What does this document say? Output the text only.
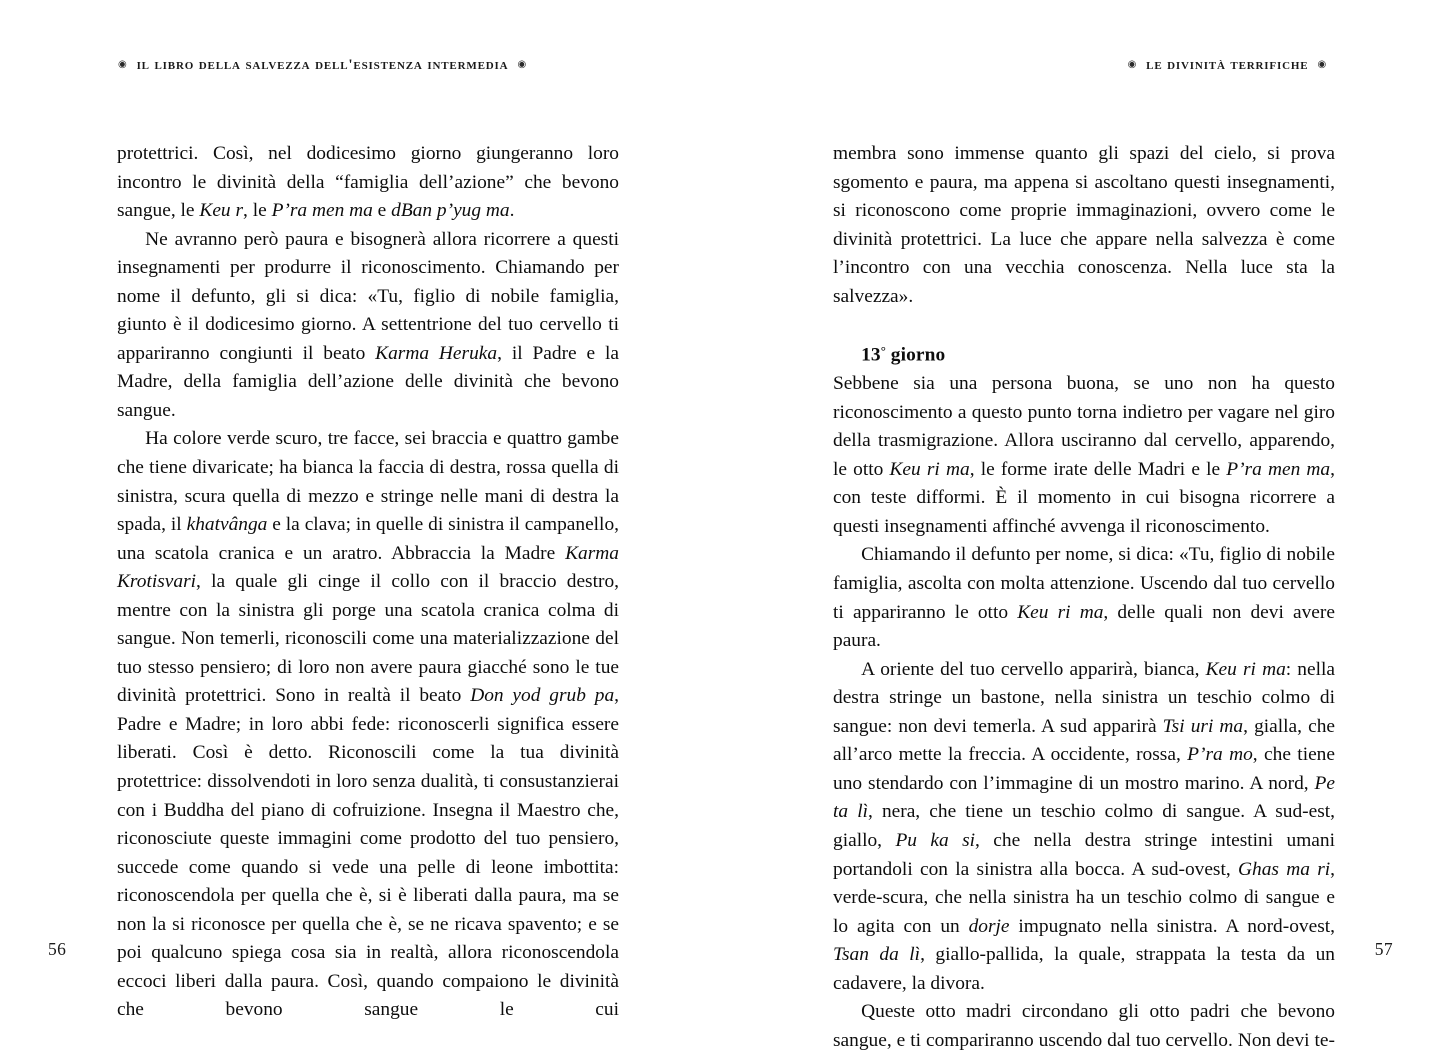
◉ il libro della salvezza dell'esistenza intermedia ◉	◉ le divinità terrifiche ◉

protettrici. Così, nel dodicesimo giorno giungeranno loro incontro le divinità della “famiglia dell’azione” che bevono sangue, le Keu r, le P’ra men ma e dBan p’yug ma.

Ne avranno però paura e bisognerà allora ricorrere a questi insegnamenti per produrre il riconoscimento. Chiamando per nome il defunto, gli si dica: «Tu, figlio di nobile famiglia, giunto è il dodicesimo giorno. A settentrione del tuo cervello ti appariranno congiunti il beato Karma Heruka, il Padre e la Madre, della famiglia dell’azione delle divinità che bevono sangue.

Ha colore verde scuro, tre facce, sei braccia e quattro gambe che tiene divaricate; ha bianca la faccia di destra, rossa quella di sinistra, scura quella di mezzo e stringe nelle mani di destra la spada, il khatvânga e la clava; in quelle di sinistra il campanello, una scatola cranica e un aratro. Abbraccia la Madre Karma Krotisvari, la quale gli cinge il collo con il braccio destro, mentre con la sinistra gli porge una scatola cranica colma di sangue. Non temerli, riconoscili come una materializzazione del tuo stesso pensiero; di loro non avere paura giacché sono le tue divinità protettrici. Sono in realtà il beato Don yod grub pa, Padre e Madre; in loro abbi fede: riconoscerli significa essere liberati. Così è detto. Riconoscili come la tua divinità protettrice: dissolvendoti in loro senza dualità, ti consustanzierai con i Buddha del piano di cofruizione. Insegna il Maestro che, riconosciute queste immagini come prodotto del tuo pensiero, succede come quando si vede una pelle di leone imbottita: riconoscendola per quella che è, si è liberati dalla paura, ma se non la si riconosce per quella che è, se ne ricava spavento; e se poi qualcuno spiega cosa sia in realtà, allora riconoscendola eccoci liberi dalla paura. Così, quando compaiono le divinità che bevono sangue le cui

membra sono immense quanto gli spazi del cielo, si prova sgomento e paura, ma appena si ascoltano questi insegnamenti, si riconoscono come proprie immaginazioni, ovvero come le divinità protettrici. La luce che appare nella salvezza è come l’incontro con una vecchia conoscenza. Nella luce sta la salvezza».

13° giorno

Sebbene sia una persona buona, se uno non ha questo riconoscimento a questo punto torna indietro per vagare nel giro della trasmigrazione. Allora usciranno dal cervello, apparendo, le otto Keu ri ma, le forme irate delle Madri e le P’ra men ma, con teste difformi. È il momento in cui bisogna ricorrere a questi insegnamenti affinché avvenga il riconoscimento.

Chiamando il defunto per nome, si dica: «Tu, figlio di nobile famiglia, ascolta con molta attenzione. Uscendo dal tuo cervello ti appariranno le otto Keu ri ma, delle quali non devi avere paura.

A oriente del tuo cervello apparirà, bianca, Keu ri ma: nella destra stringe un bastone, nella sinistra un teschio colmo di sangue: non devi temerla. A sud apparirà Tsi uri ma, gialla, che all’arco mette la freccia. A occidente, rossa, P’ra mo, che tiene uno stendardo con l’immagine di un mostro marino. A nord, Pe ta lì, nera, che tiene un teschio colmo di sangue. A sud-est, giallo, Pu ka si, che nella destra stringe intestini umani portandoli con la sinistra alla bocca. A sud-ovest, Ghas ma ri, verde-scura, che nella sinistra ha un teschio colmo di sangue e lo agita con un dorje impugnato nella sinistra. A nord-ovest, Tsan da lì, giallo-pallida, la quale, strappata la testa da un cadavere, la divora.

Queste otto madri circondano gli otto padri che bevono sangue, e ti compariranno uscendo dal tuo cervello. Non devi te-

56	57
